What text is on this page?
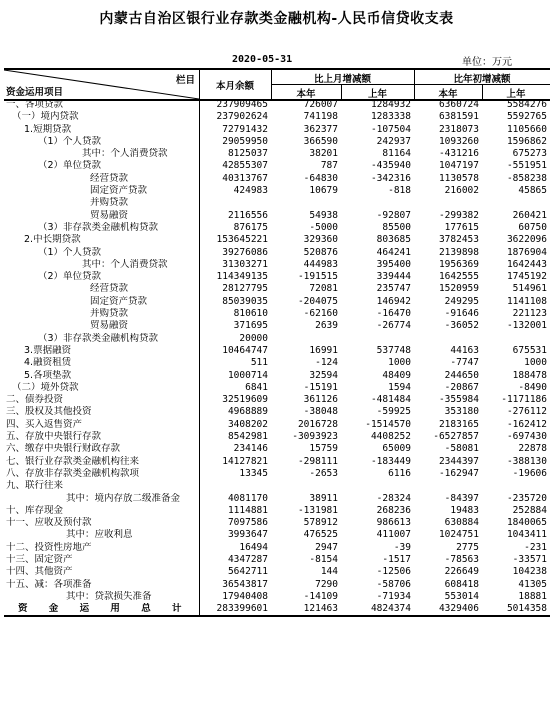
内蒙古自治区银行业存款类金融机构-人民币信贷收支表
2020-05-31	单位：万元
栏目
资金运用项目
本月余额
比上月增减额
本年	上年
比年初增减额
本年	上年
一、各项贷款	237909465	726007	1284932	6360724	5584276
（一）境内贷款	237902624	741198	1283338	6381591	5592765
1.短期贷款	72791432	362377	-107504	2318073	1105660
（1）个人贷款	29059950	366590	242937	1093260	1596862
其中：个人消费贷款	8125037	38201	81164	-431216	675273
（2）单位贷款	42855307	787	-435940	1047197	-551951
经营贷款	40313767	-64830	-342316	1130578	-858238
固定资产贷款	424983	10679	-818	216002	45865
并购贷款					
贸易融资	2116556	54938	-92807	-299382	260421
（3）非存款类金融机构贷款	876175	-5000	85500	177615	60750
2.中长期贷款	153645221	329360	803685	3782453	3622096
（1）个人贷款	39276086	520876	464241	2139898	1876904
其中：个人消费贷款	31303271	444983	395400	1956369	1642443
（2）单位贷款	114349135	-191515	339444	1642555	1745192
经营贷款	28127795	72081	235747	1520959	514961
固定资产贷款	85039035	-204075	146942	249295	1141108
并购贷款	810610	-62160	-16470	-91646	221123
贸易融资	371695	2639	-26774	-36052	-132001
（3）非存款类金融机构贷款	20000				
3.票据融资	10464747	16991	537748	44163	675531
4.融资租赁	511	-124	1000	-7747	1000
5.各项垫款	1000714	32594	48409	244650	188478
（二）境外贷款	6841	-15191	1594	-20867	-8490
二、债券投资	32519609	361126	-481484	-355984	-1171186
三、股权及其他投资	4968889	-38048	-59925	353180	-276112
四、买入返售资产	3408202	2016728	-1514570	2183165	-162412
五、存放中央银行存款	8542981	-3093923	4408252	-6527857	-697430
六、缴存中央银行财政存款	234146	15759	65009	-58081	22878
七、银行业存款类金融机构往来	14127821	-298111	-183449	2344397	-388130
八、存放非存款类金融机构款项	13345	-2653	6116	-162947	-19606
九、联行往来					
其中：境内存放二级准备金	4081170	38911	-28324	-84397	-235720
十、库存现金	1114881	-131981	268236	19483	252884
十一、应收及预付款	7097586	578912	986613	630884	1840065
其中：应收利息	3993647	476525	411007	1024751	1043411
十二、投资性房地产	16494	2947	-39	2775	-231
十三、固定资产	4347287	-8154	-1517	-78563	-33571
十四、其他资产	5642711	144	-12506	226649	104238
十五、减：各项准备	36543817	7290	-58706	608418	41305
其中：贷款损失准备	17940408	-14109	-71934	553014	18881
资 金 运 用 总 计	283399601	121463	4824374	4329406	5014358
